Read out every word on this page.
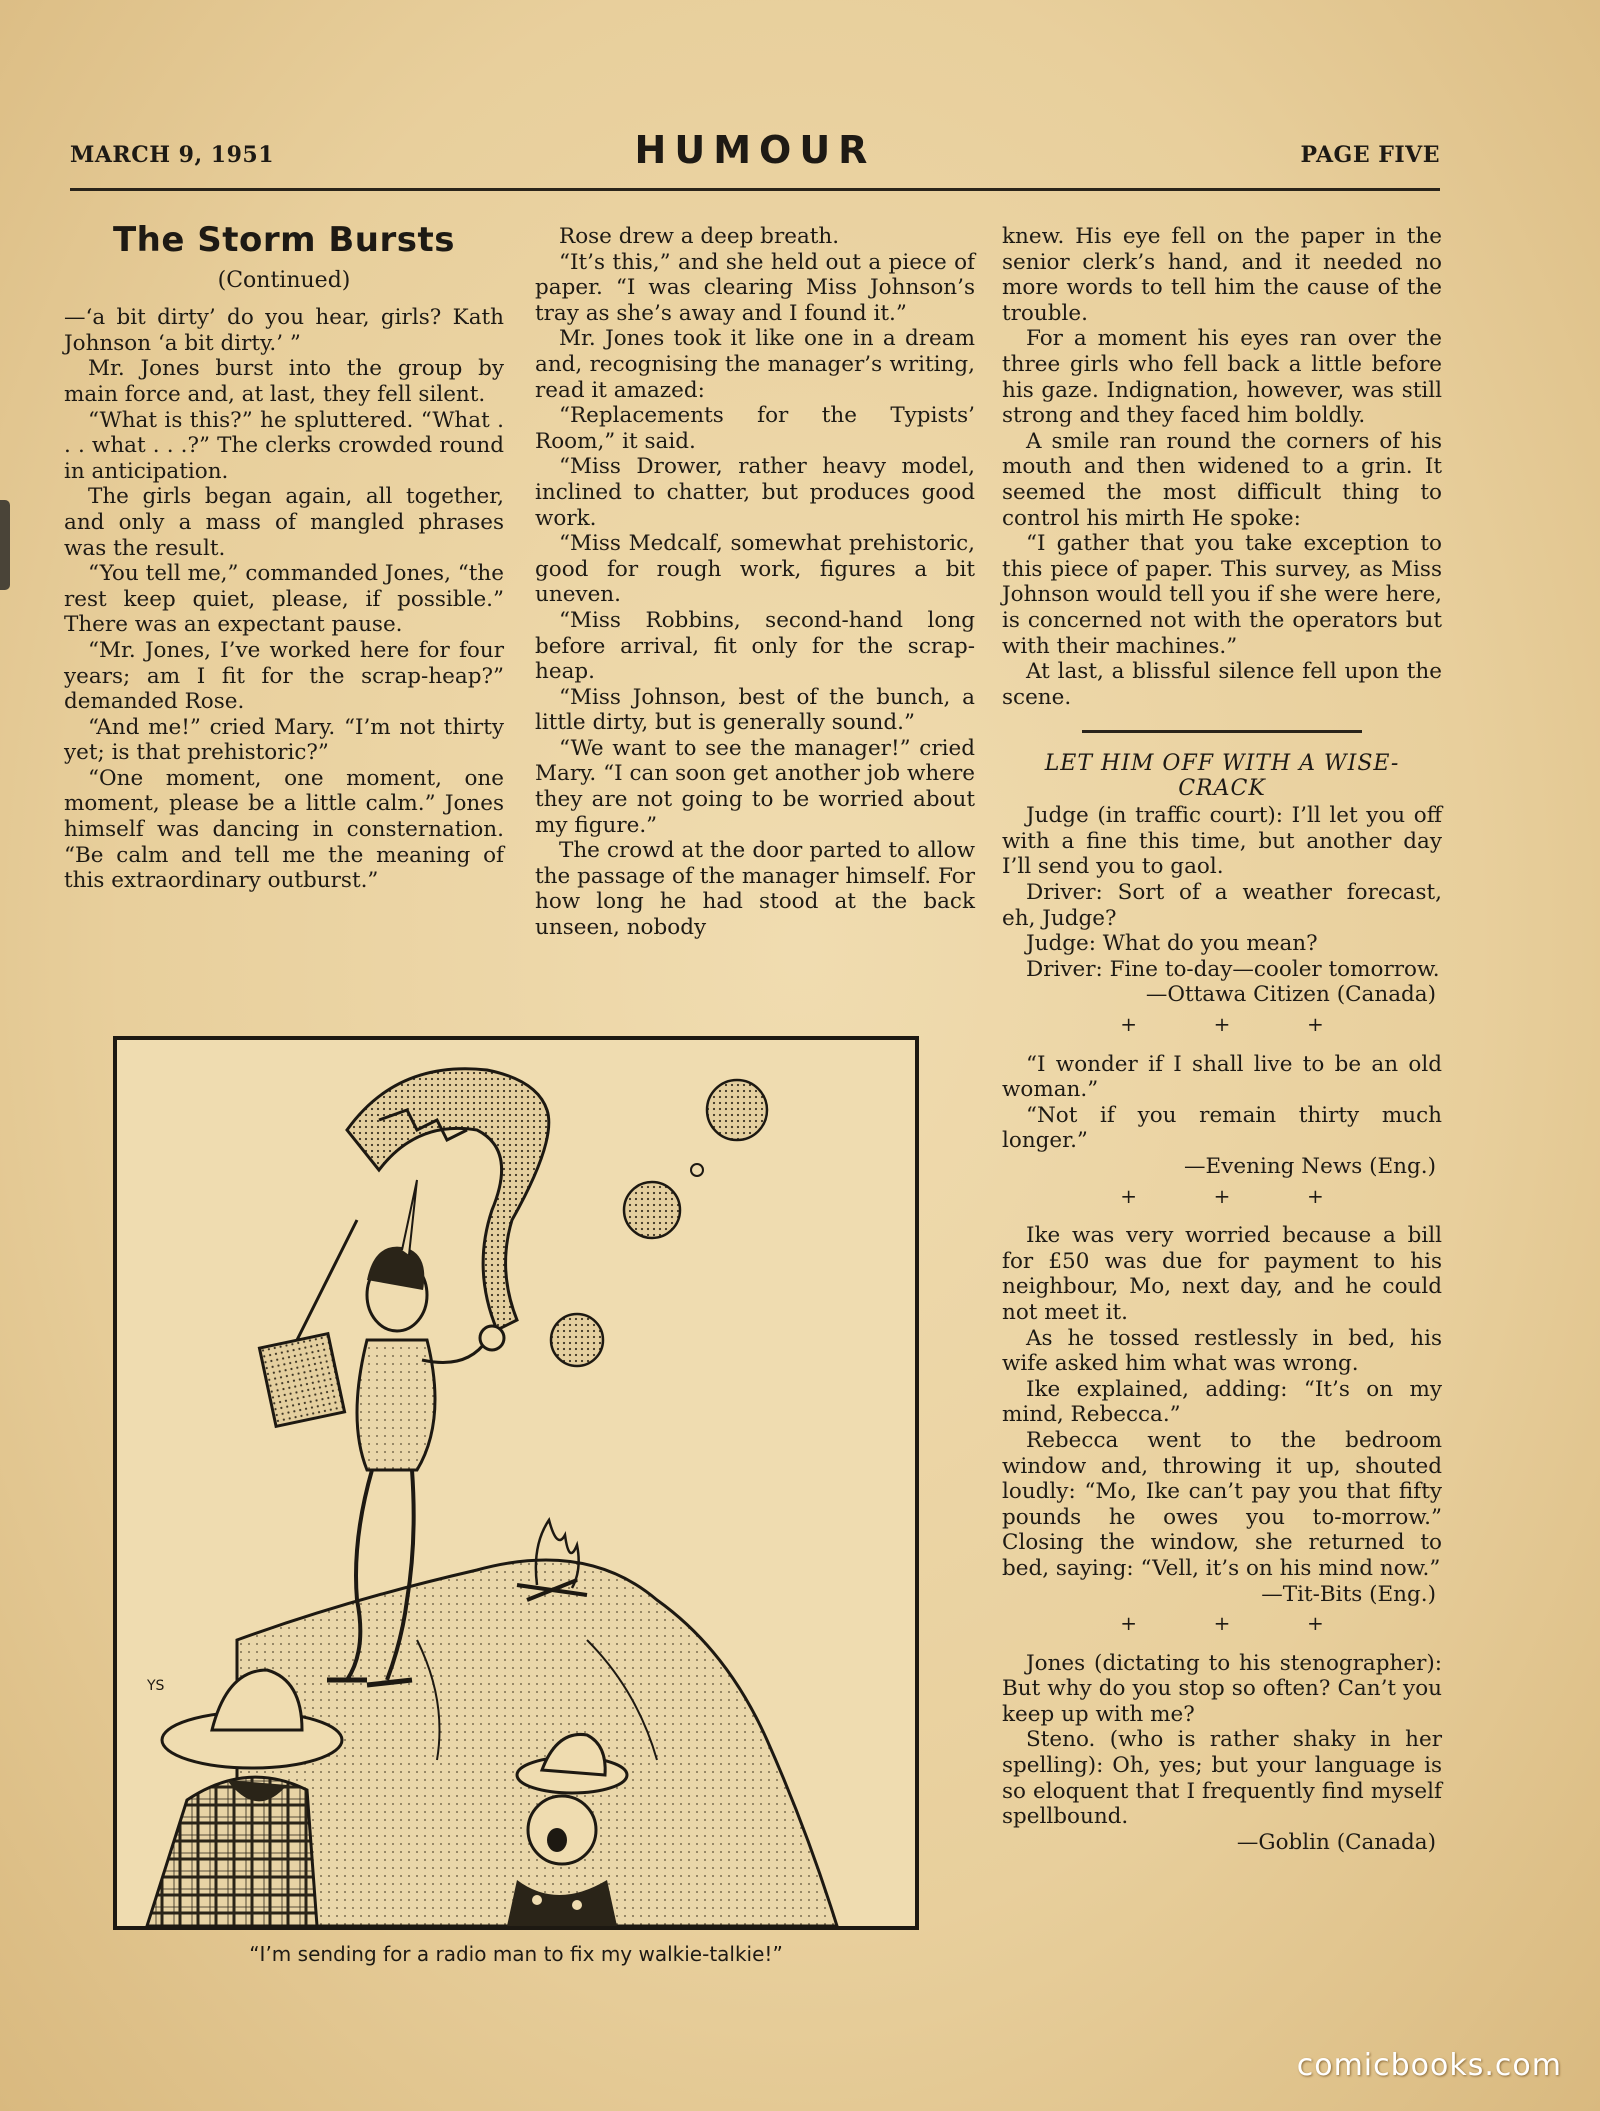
MARCH 9, 1951	HUMOUR	PAGE FIVE
The Storm Bursts
(Continued)

—‘a bit dirty’ do you hear, girls? Kath Johnson ‘a bit dirty.’ ”

Mr. Jones burst into the group by main force and, at last, they fell silent.

“What is this?” he spluttered. “What . . . what . . .?” The clerks crowded round in anticipation.

The girls began again, all together, and only a mass of mangled phrases was the result.

“You tell me,” commanded Jones, “the rest keep quiet, please, if possible.” There was an expectant pause.

“Mr. Jones, I’ve worked here for four years; am I fit for the scrap-heap?” demanded Rose.

“And me!” cried Mary. “I’m not thirty yet; is that prehistoric?”

“One moment, one moment, one moment, please be a little calm.” Jones himself was dancing in consternation. “Be calm and tell me the meaning of this extraordinary outburst.”

Rose drew a deep breath.

“It’s this,” and she held out a piece of paper. “I was clearing Miss Johnson’s tray as she’s away and I found it.”

Mr. Jones took it like one in a dream and, recognising the manager’s writing, read it amazed:

“Replacements for the Typists’ Room,” it said.

“Miss Drower, rather heavy model, inclined to chatter, but produces good work.

“Miss Medcalf, somewhat prehistoric, good for rough work, figures a bit uneven.

“Miss Robbins, second-hand long before arrival, fit only for the scrap-heap.

“Miss Johnson, best of the bunch, a little dirty, but is generally sound.”

“We want to see the manager!” cried Mary. “I can soon get another job where they are not going to be worried about my figure.”

The crowd at the door parted to allow the passage of the manager himself. For how long he had stood at the back unseen, nobody

knew. His eye fell on the paper in the senior clerk’s hand, and it needed no more words to tell him the cause of the trouble.

For a moment his eyes ran over the three girls who fell back a little before his gaze. Indignation, however, was still strong and they faced him boldly.

A smile ran round the corners of his mouth and then widened to a grin. It seemed the most difficult thing to control his mirth He spoke:

“I gather that you take exception to this piece of paper. This survey, as Miss Johnson would tell you if she were here, is concerned not with the operators but with their machines.”

At last, a blissful silence fell upon the scene.

LET HIM OFF WITH A WISE-CRACK

Judge (in traffic court): I’ll let you off with a fine this time, but another day I’ll send you to gaol.

Driver: Sort of a weather forecast, eh, Judge?

Judge: What do you mean?

Driver: Fine to-day—cooler tomorrow.

—Ottawa Citizen (Canada)
+	+	+

“I wonder if I shall live to be an old woman.”

“Not if you remain thirty much longer.”

—Evening News (Eng.)
+	+	+

Ike was very worried because a bill for £50 was due for payment to his neighbour, Mo, next day, and he could not meet it.

As he tossed restlessly in bed, his wife asked him what was wrong.

Ike explained, adding: “It’s on my mind, Rebecca.”

Rebecca went to the bedroom window and, throwing it up, shouted loudly: “Mo, Ike can’t pay you that fifty pounds he owes you to-morrow.” Closing the window, she returned to bed, saying: “Vell, it’s on his mind now.”

—Tit-Bits (Eng.)
+	+	+

Jones (dictating to his stenographer): But why do you stop so often? Can’t you keep up with me?

Steno. (who is rather shaky in her spelling): Oh, yes; but your language is so eloquent that I frequently find myself spellbound.

—Goblin (Canada)
YS
“I’m sending for a radio man to fix my walkie-talkie!”
comicbooks.com
